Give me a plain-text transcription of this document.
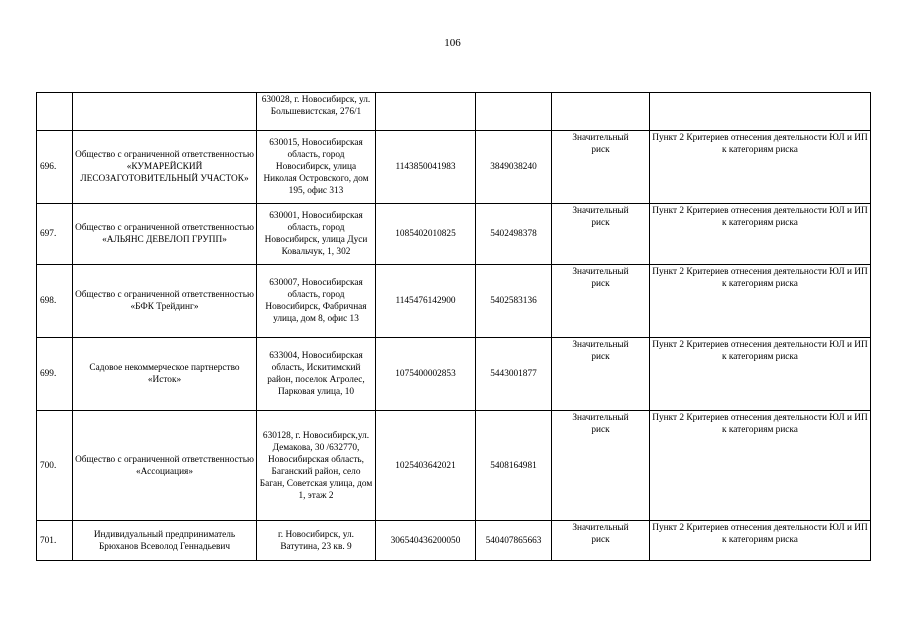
106
		630028, г. Новосибирск, ул. Большевистская, 276/1				
696.	Общество с ограниченной ответственностью «КУМАРЕЙСКИЙ ЛЕСОЗАГОТОВИТЕЛЬНЫЙ УЧАСТОК»	630015, Новосибирская область, город Новосибирск, улица Николая Островского, дом 195, офис 313	1143850041983	3849038240	Значительный риск	Пункт 2 Критериев отнесения деятельности ЮЛ и ИП к категориям риска
697.	Общество с ограниченной ответственностью «АЛЬЯНС ДЕВЕЛОП ГРУПП»	630001, Новосибирская область, город Новосибирск, улица Дуси Ковальчук, 1, 302	1085402010825	5402498378	Значительный риск	Пункт 2 Критериев отнесения деятельности ЮЛ и ИП к категориям риска
698.	Общество с ограниченной ответственностью «БФК Трейдинг»	630007, Новосибирская область, город Новосибирск, Фабричная улица, дом 8, офис 13	1145476142900	5402583136	Значительный риск	Пункт 2 Критериев отнесения деятельности ЮЛ и ИП к категориям риска
699.	Садовое некоммерческое партнерство «Исток»	633004, Новосибирская область, Искитимский район, поселок Агролес, Парковая улица, 10	1075400002853	5443001877	Значительный риск	Пункт 2 Критериев отнесения деятельности ЮЛ и ИП к категориям риска
700.	Общество с ограниченной ответственностью «Ассоциация»	630128, г. Новосибирск,ул. Демакова, 30 /632770, Новосибирская область, Баганский район, село Баган, Советская улица, дом 1, этаж 2	1025403642021	5408164981	Значительный риск	Пункт 2 Критериев отнесения деятельности ЮЛ и ИП к категориям риска
701.	Индивидуальный предприниматель Брюханов Всеволод Геннадьевич	г. Новосибирск, ул. Ватутина, 23 кв. 9	306540436200050	540407865663	Значительный риск	Пункт 2 Критериев отнесения деятельности ЮЛ и ИП к категориям риска
